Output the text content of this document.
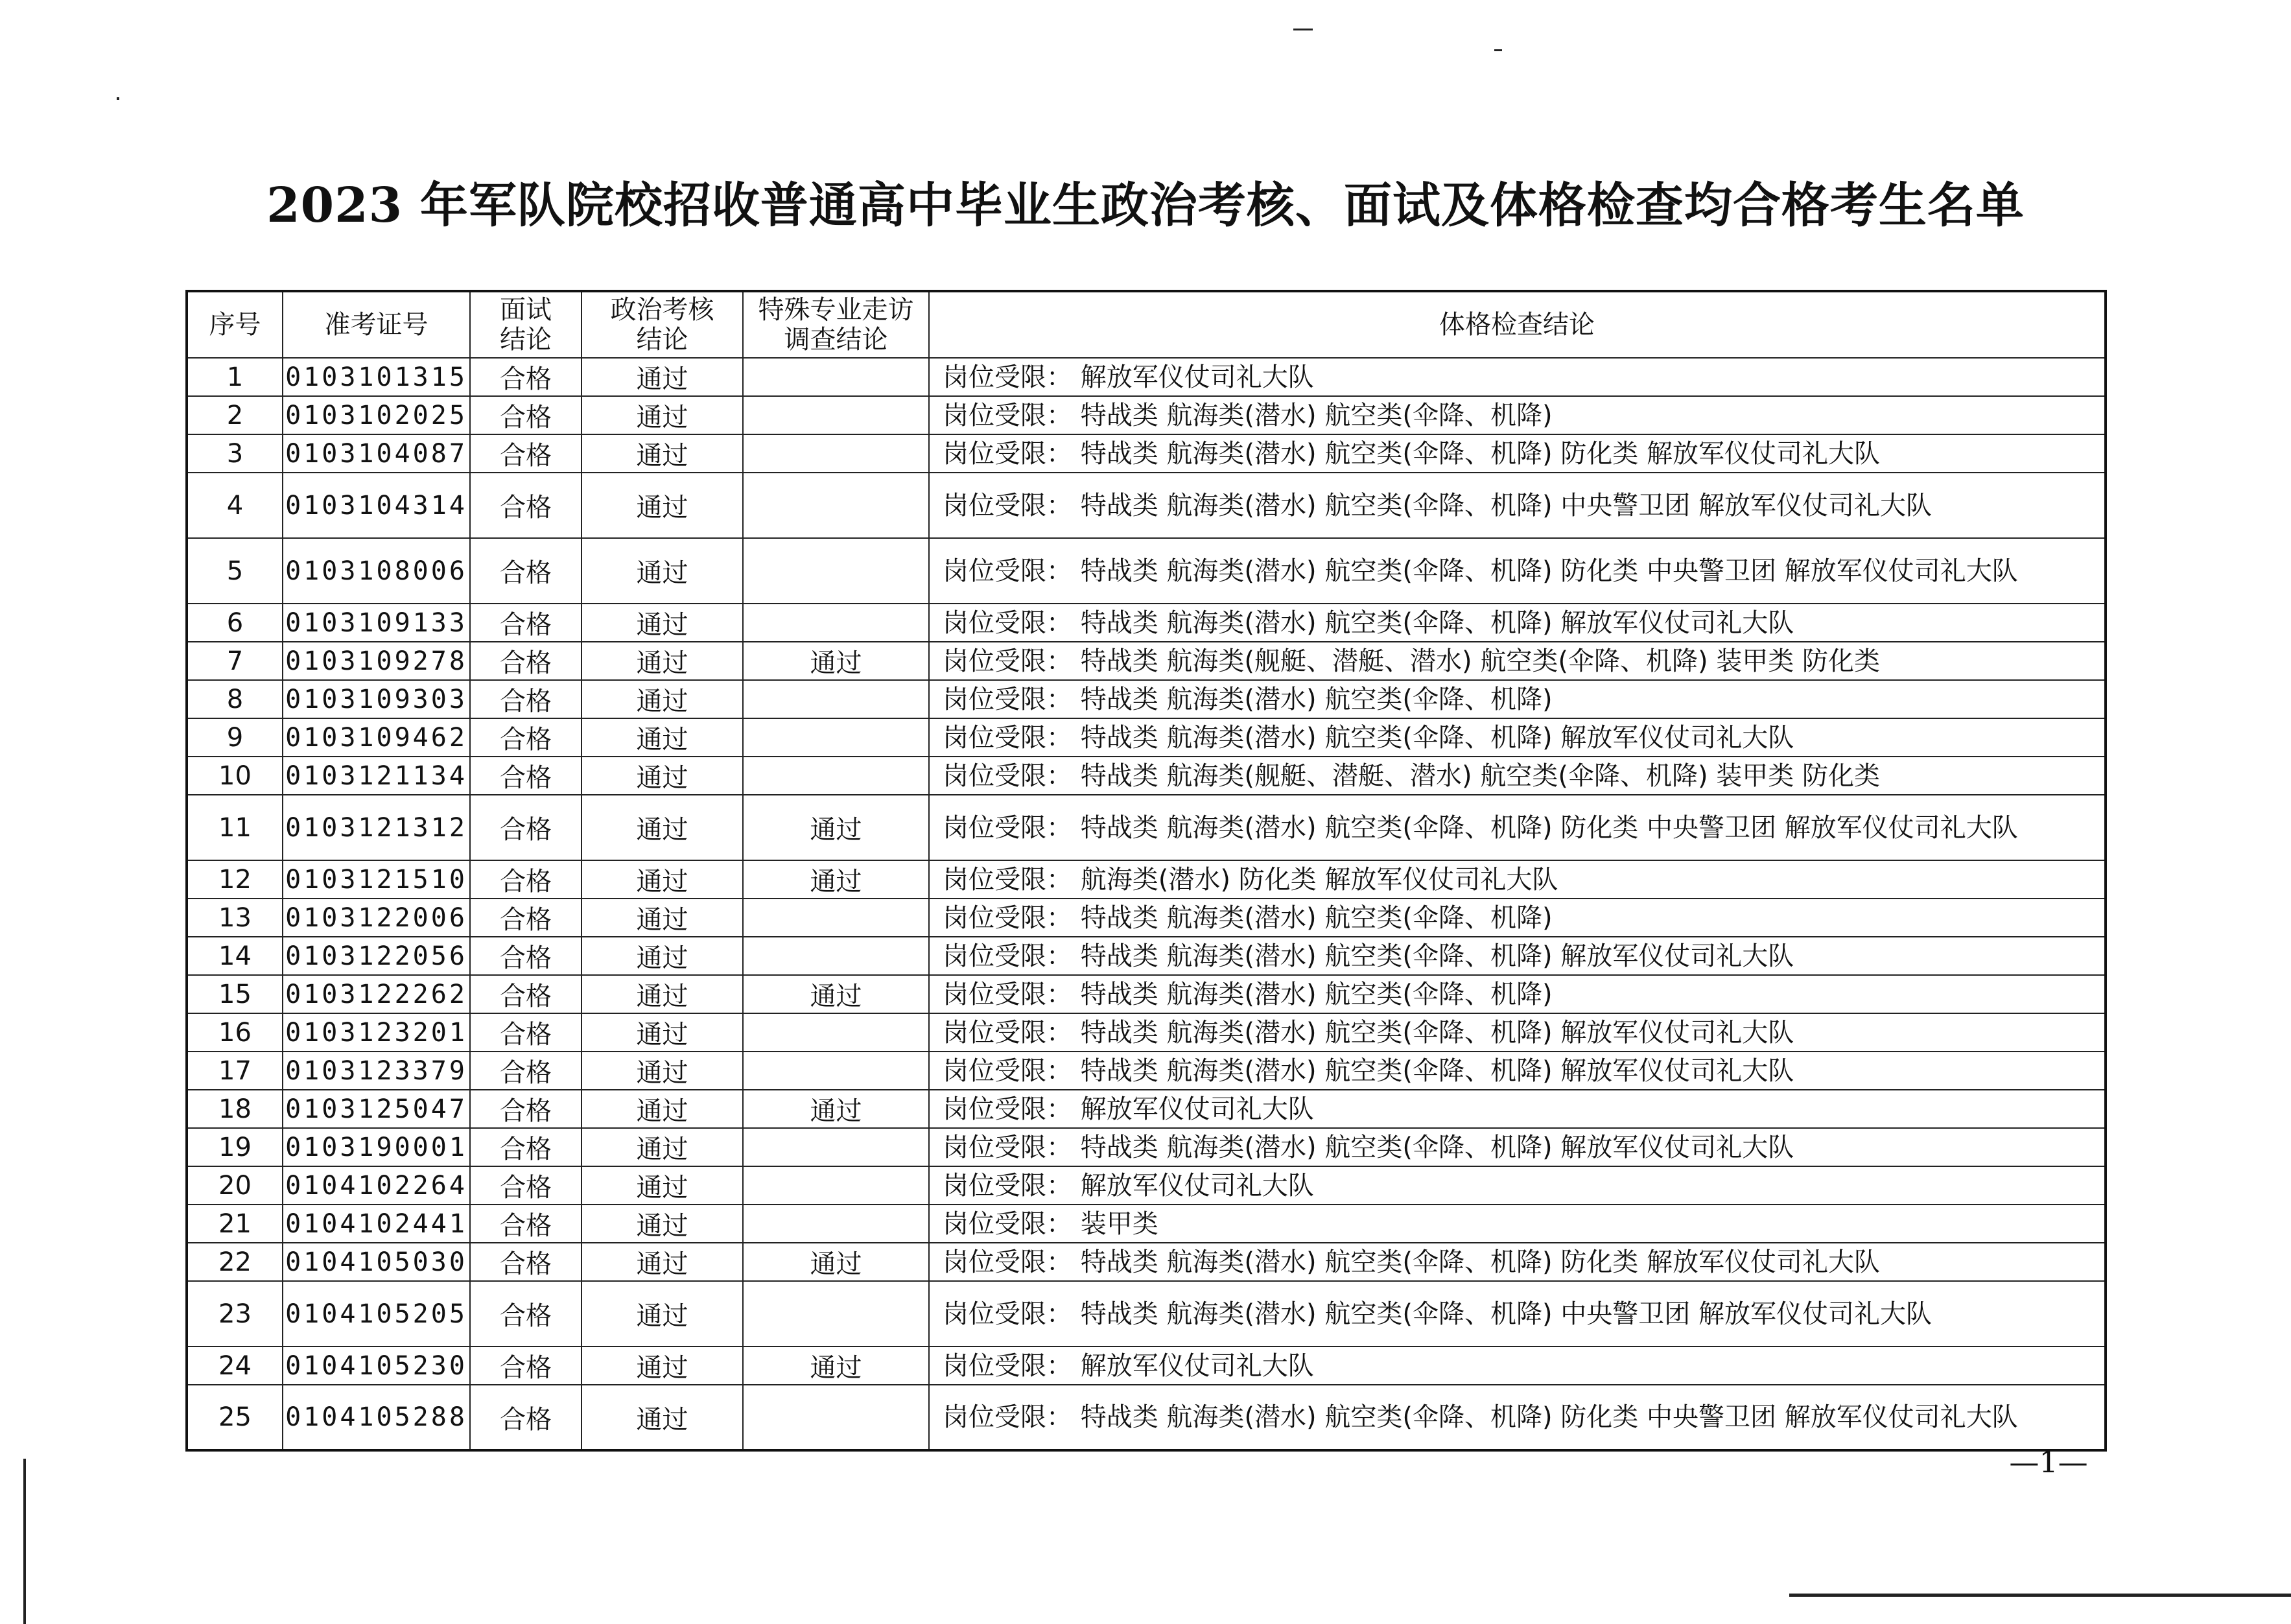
2023 年军队院校招收普通高中毕业生政治考核、面试及体格检查均合格考生名单
序号	准考证号	面试结论	政治考核结论	特殊专业走访调查结论	体格检查结论
1	0103101315	合格	通过		岗位受限： 解放军仪仗司礼大队
2	0103102025	合格	通过		岗位受限： 特战类 航海类(潜水) 航空类(伞降、机降)
3	0103104087	合格	通过		岗位受限： 特战类 航海类(潜水) 航空类(伞降、机降) 防化类 解放军仪仗司礼大队
4	0103104314	合格	通过		岗位受限： 特战类 航海类(潜水) 航空类(伞降、机降) 中央警卫团 解放军仪仗司礼大队
5	0103108006	合格	通过		岗位受限： 特战类 航海类(潜水) 航空类(伞降、机降) 防化类 中央警卫团 解放军仪仗司礼大队
6	0103109133	合格	通过		岗位受限： 特战类 航海类(潜水) 航空类(伞降、机降) 解放军仪仗司礼大队
7	0103109278	合格	通过	通过	岗位受限： 特战类 航海类(舰艇、潜艇、潜水) 航空类(伞降、机降) 装甲类 防化类
8	0103109303	合格	通过		岗位受限： 特战类 航海类(潜水) 航空类(伞降、机降)
9	0103109462	合格	通过		岗位受限： 特战类 航海类(潜水) 航空类(伞降、机降) 解放军仪仗司礼大队
10	0103121134	合格	通过		岗位受限： 特战类 航海类(舰艇、潜艇、潜水) 航空类(伞降、机降) 装甲类 防化类
11	0103121312	合格	通过	通过	岗位受限： 特战类 航海类(潜水) 航空类(伞降、机降) 防化类 中央警卫团 解放军仪仗司礼大队
12	0103121510	合格	通过	通过	岗位受限： 航海类(潜水) 防化类 解放军仪仗司礼大队
13	0103122006	合格	通过		岗位受限： 特战类 航海类(潜水) 航空类(伞降、机降)
14	0103122056	合格	通过		岗位受限： 特战类 航海类(潜水) 航空类(伞降、机降) 解放军仪仗司礼大队
15	0103122262	合格	通过	通过	岗位受限： 特战类 航海类(潜水) 航空类(伞降、机降)
16	0103123201	合格	通过		岗位受限： 特战类 航海类(潜水) 航空类(伞降、机降) 解放军仪仗司礼大队
17	0103123379	合格	通过		岗位受限： 特战类 航海类(潜水) 航空类(伞降、机降) 解放军仪仗司礼大队
18	0103125047	合格	通过	通过	岗位受限： 解放军仪仗司礼大队
19	0103190001	合格	通过		岗位受限： 特战类 航海类(潜水) 航空类(伞降、机降) 解放军仪仗司礼大队
20	0104102264	合格	通过		岗位受限： 解放军仪仗司礼大队
21	0104102441	合格	通过		岗位受限： 装甲类
22	0104105030	合格	通过	通过	岗位受限： 特战类 航海类(潜水) 航空类(伞降、机降) 防化类 解放军仪仗司礼大队
23	0104105205	合格	通过		岗位受限： 特战类 航海类(潜水) 航空类(伞降、机降) 中央警卫团 解放军仪仗司礼大队
24	0104105230	合格	通过	通过	岗位受限： 解放军仪仗司礼大队
25	0104105288	合格	通过		岗位受限： 特战类 航海类(潜水) 航空类(伞降、机降) 防化类 中央警卫团 解放军仪仗司礼大队
—1—
